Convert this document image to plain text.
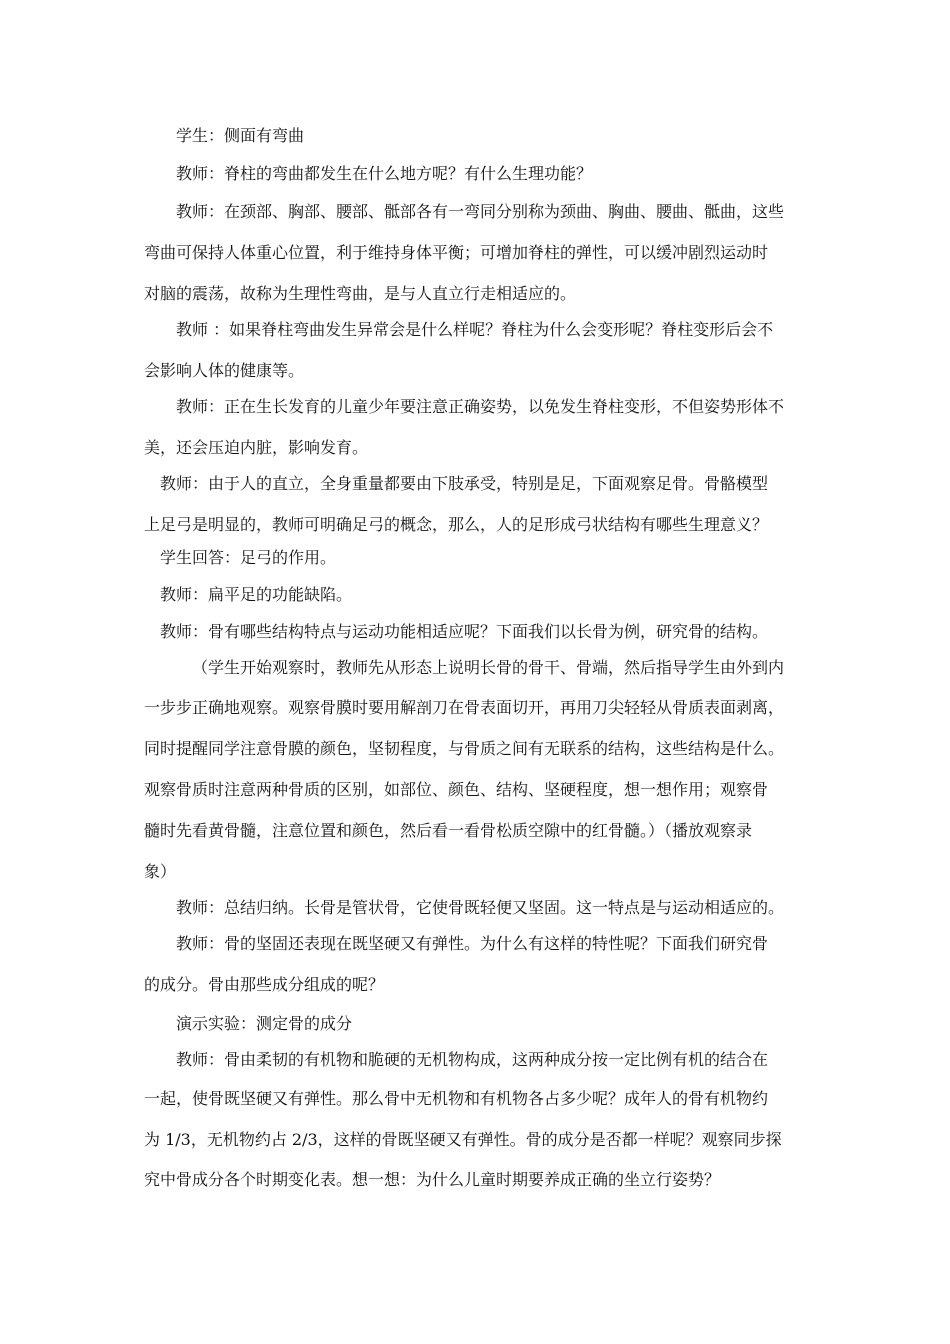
学生：侧面有弯曲
教师：脊柱的弯曲都发生在什么地方呢？有什么生理功能？
教师：在颈部、胸部、腰部、骶部各有一弯同分别称为颈曲、胸曲、腰曲、骶曲，这些
弯曲可保持人体重心位置，利于维持身体平衡；可增加脊柱的弹性，可以缓冲剧烈运动时
对脑的震荡，故称为生理性弯曲，是与人直立行走相适应的。
教师 ：如果脊柱弯曲发生异常会是什么样呢？脊柱为什么会变形呢？脊柱变形后会不
会影响人体的健康等。
教师：正在生长发育的儿童少年要注意正确姿势，以免发生脊柱变形，不但姿势形体不
美，还会压迫内脏，影响发育。
教师：由于人的直立，全身重量都要由下肢承受，特别是足，下面观察足骨。骨骼模型
上足弓是明显的，教师可明确足弓的概念，那么，人的足形成弓状结构有哪些生理意义？
学生回答：足弓的作用。
教师：扁平足的功能缺陷。
教师：骨有哪些结构特点与运动功能相适应呢？下面我们以长骨为例，研究骨的结构。
（学生开始观察时，教师先从形态上说明长骨的骨干、骨端，然后指导学生由外到内
一步步正确地观察。观察骨膜时要用解剖刀在骨表面切开，再用刀尖轻轻从骨质表面剥离，
同时提醒同学注意骨膜的颜色，坚韧程度，与骨质之间有无联系的结构，这些结构是什么。
观察骨质时注意两种骨质的区别，如部位、颜色、结构、坚硬程度，想一想作用；观察骨
髓时先看黄骨髓，注意位置和颜色，然后看一看骨松质空隙中的红骨髓。）（播放观察录
象）
教师：总结归纳。长骨是管状骨，它使骨既轻便又坚固。这一特点是与运动相适应的。
教师：骨的坚固还表现在既坚硬又有弹性。为什么有这样的特性呢？下面我们研究骨
的成分。骨由那些成分组成的呢？
演示实验：测定骨的成分
教师：骨由柔韧的有机物和脆硬的无机物构成，这两种成分按一定比例有机的结合在
一起，使骨既坚硬又有弹性。那么骨中无机物和有机物各占多少呢？成年人的骨有机物约
为 1/3，无机物约占 2/3，这样的骨既坚硬又有弹性。骨的成分是否都一样呢？观察同步探
究中骨成分各个时期变化表。想一想：为什么儿童时期要养成正确的坐立行姿势？
